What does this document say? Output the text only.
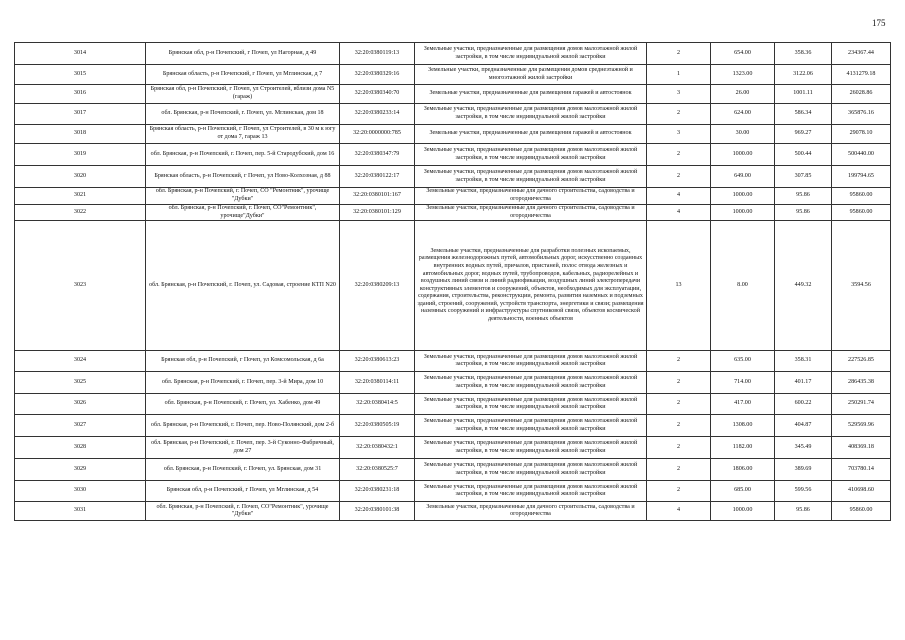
175
3014	Брянская обл, р-н Почепский, г Почеп, ул Нагорная, д 49	32:20:0380119:13	Земельные участки, предназначенные для размещения домов малоэтажной жилой застройки, в том числе индивидуальной жилой застройки	2	654.00	358.36	234367.44
3015	Брянская область, р-н Почепский, г Почеп, ул Мглинская, д 7	32:20:0380329:16	Земельные участки, предназначенные для размещения домов среднеэтажной и многоэтажной жилой застройки	1	1323.00	3122.06	4131279.18
3016	Брянская обл, р-н Почепский, г Почеп, ул Строителей, вблизи дома N5 (гараж)	32:20:0380340:70	Земельные участки, предназначенные для размещения гаражей и автостоянок	3	26.00	1001.11	26028.86
3017	обл. Брянская, р-н Почепский, г. Почеп, ул. Мглинская, дом 18	32:20:0380233:14	Земельные участки, предназначенные для размещения домов малоэтажной жилой застройки, в том числе индивидуальной жилой застройки	2	624.00	586.34	365876.16
3018	Брянская область, р-н Почепский, г Почеп, ул Строителей, в 30 м к югу от дома 7, гараж 13	32:20:0000000:785	Земельные участки, предназначенные для размещения гаражей и автостоянок	3	30.00	969.27	29078.10
3019	обл. Брянская, р-н Почепский, г. Почеп, пер. 5-й Стародубский, дом 16	32:20:0380347:79	Земельные участки, предназначенные для размещения домов малоэтажной жилой застройки, в том числе индивидуальной жилой застройки	2	1000.00	500.44	500440.00
3020	Брянская область, р-н Почепский, г Почеп, ул Ново-Колхозная, д 88	32:20:0380122:17	Земельные участки, предназначенные для размещения домов малоэтажной жилой застройки, в том числе индивидуальной жилой застройки	2	649.00	307.85	199794.65
3021	обл. Брянская, р-н Почепский, г. Почеп, СО "Ремонтник", урочище "Дубки"	32:20:0380101:167	Земельные участки, предназначенные для дачного строительства, садоводства и огородничества	4	1000.00	95.86	95860.00
3022	обл. Брянская, р-н Почепский, г. Почеп, СО"Ремонтник", урочище"Дубки"	32:20:0380101:129	Земельные участки, предназначенные для дачного строительства, садоводства и огородничества	4	1000.00	95.86	95860.00
3023	обл. Брянская, р-н Почепский, г. Почеп, ул. Садовая, строение КТП N20	32:20:0380209:13	Земельные участки, предназначенные для разработки полезных ископаемых, размещения железнодорожных путей, автомобильных дорог, искусственно созданных внутренних водных путей, причалов, пристаней, полос отвода железных и автомобильных дорог, водных путей, трубопроводов, кабельных, радиорелейных и воздушных линий связи и линий радиофикации, воздушных линий электропередачи конструктивных элементов и сооружений, объектов, необходимых для эксплуатации, содержания, строительства, реконструкции, ремонта, развития наземных и подземных зданий, строений, сооружений, устройств транспорта, энергетики и связи; размещения наземных сооружений и инфраструктуры спутниковой связи, объектов космической деятельности, военных объектов	13	8.00	449.32	3594.56
3024	Брянская обл, р-н Почепский, г Почеп, ул Комсомольская, д 6а	32:20:0380613:23	Земельные участки, предназначенные для размещения домов малоэтажной жилой застройки, в том числе индивидуальной жилой застройки	2	635.00	358.31	227526.85
3025	обл. Брянская, р-н Почепский, г. Почеп, пер. 3-й Мира, дом 10	32:20:0380114:11	Земельные участки, предназначенные для размещения домов малоэтажной жилой застройки, в том числе индивидуальной жилой застройки	2	714.00	401.17	286435.38
3026	обл. Брянская, р-н Почепский, г. Почеп, ул. Хабенко, дом 49	32:20:0380414:5	Земельные участки, предназначенные для размещения домов малоэтажной жилой застройки, в том числе индивидуальной жилой застройки	2	417.00	600.22	250291.74
3027	обл. Брянская, р-н Почепский, г. Почеп, пер. Ново-Полянский, дом 2-б	32:20:0380505:19	Земельные участки, предназначенные для размещения домов малоэтажной жилой застройки, в том числе индивидуальной жилой застройки	2	1308.00	404.87	529569.96
3028	обл. Брянская, р-н Почепский, г. Почеп, пер. 3-й Суконно-Фабричный, дом 27	32:20:0380432:1	Земельные участки, предназначенные для размещения домов малоэтажной жилой застройки, в том числе индивидуальной жилой застройки	2	1182.00	345.49	408369.18
3029	обл. Брянская, р-н Почепский, г. Почеп, ул. Брянская, дом 31	32:20:0380525:7	Земельные участки, предназначенные для размещения домов малоэтажной жилой застройки, в том числе индивидуальной жилой застройки	2	1806.00	389.69	703780.14
3030	Брянская обл, р-н Почепский, г Почеп, ул Мглинская, д 54	32:20:0380231:18	Земельные участки, предназначенные для размещения домов малоэтажной жилой застройки, в том числе индивидуальной жилой застройки	2	685.00	599.56	410698.60
3031	обл. Брянская, р-н Почепский, г. Почеп, СО"Ремонтник", урочище "Дубки"	32:20:0380101:38	Земельные участки, предназначенные для дачного строительства, садоводства и огородничества	4	1000.00	95.86	95860.00
